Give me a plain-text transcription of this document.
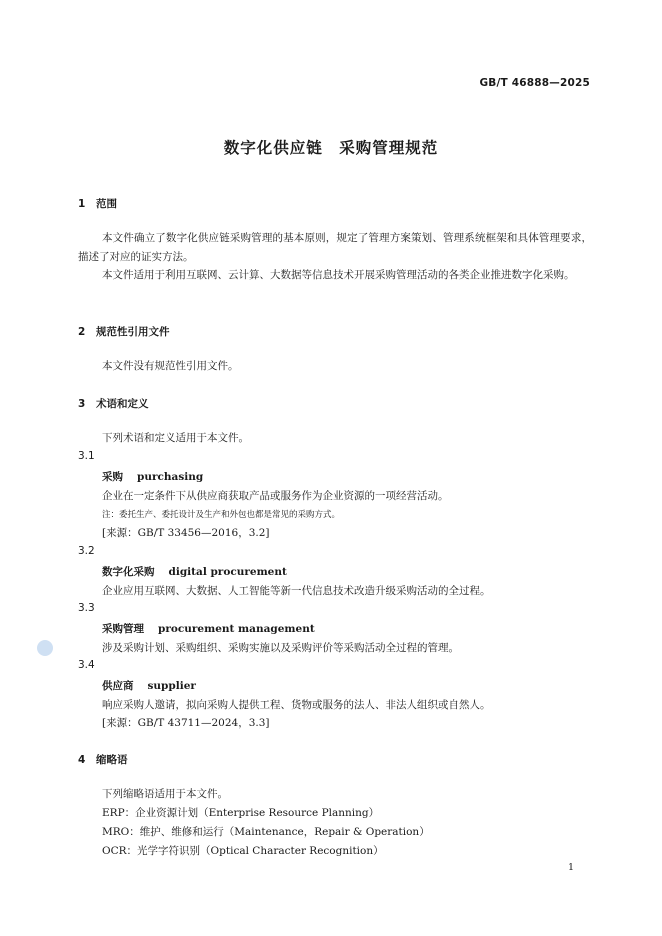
GB/T 46888—2025
数字化供应链　采购管理规范
1 范围
本文件确立了数字化供应链采购管理的基本原则，规定了管理方案策划、管理系统框架和具体管理要求，描述了对应的证实方法。
本文件适用于利用互联网、云计算、大数据等信息技术开展采购管理活动的各类企业推进数字化采购。
2 规范性引用文件
本文件没有规范性引用文件。
3 术语和定义
下列术语和定义适用于本文件。
3.1
采购 purchasing
企业在一定条件下从供应商获取产品或服务作为企业资源的一项经营活动。
注：委托生产、委托设计及生产和外包也都是常见的采购方式。
[来源：GB/T 33456—2016，3.2]
3.2
数字化采购 digital procurement
企业应用互联网、大数据、人工智能等新一代信息技术改造升级采购活动的全过程。
3.3
采购管理 procurement management
涉及采购计划、采购组织、采购实施以及采购评价等采购活动全过程的管理。
3.4
供应商 supplier
响应采购人邀请，拟向采购人提供工程、货物或服务的法人、非法人组织或自然人。
[来源：GB/T 43711—2024，3.3]
4 缩略语
下列缩略语适用于本文件。
ERP：企业资源计划（Enterprise Resource Planning）
MRO：维护、维修和运行（Maintenance，Repair & Operation）
OCR：光学字符识别（Optical Character Recognition）
1
